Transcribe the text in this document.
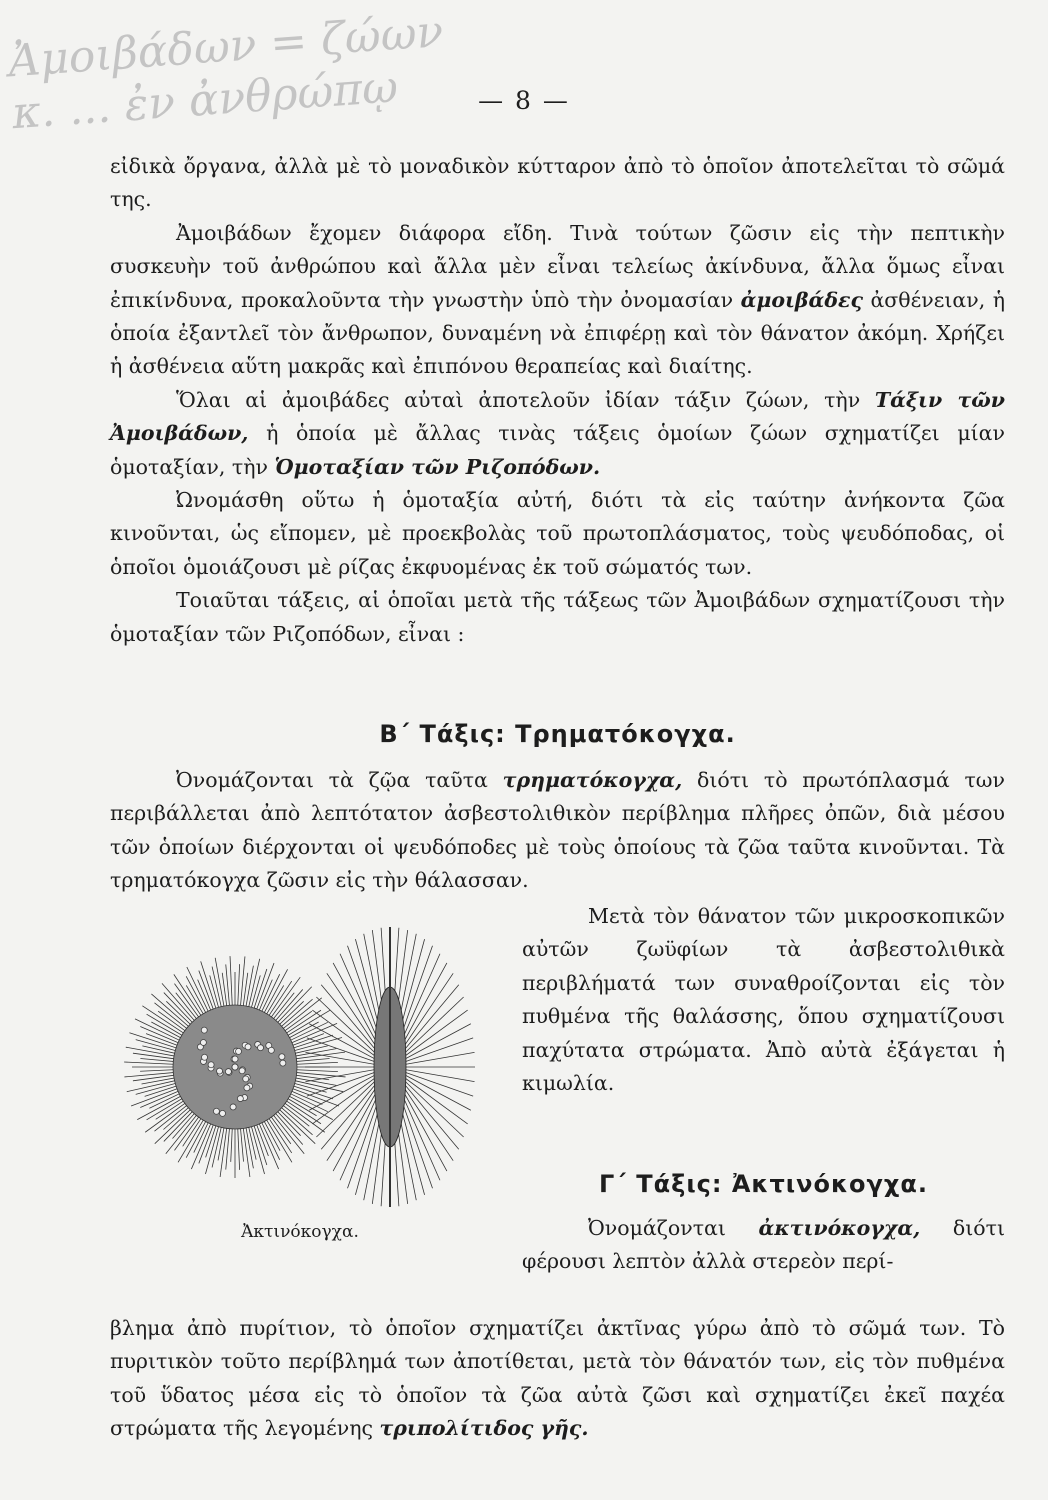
Ἀμοιβάδων = ζώων κ. ... ἐν ἀνθρώπῳ	— 8 —

εἰδικὰ ὄργανα, ἀλλὰ μὲ τὸ μοναδικὸν κύτταρον ἀπὸ τὸ ὁποῖον ἀποτελεῖται τὸ σῶμά της.

Ἀμοιβάδων ἔχομεν διάφορα εἴδη. Τινὰ τούτων ζῶσιν εἰς τὴν πεπτικὴν συσκευὴν τοῦ ἀνθρώπου καὶ ἄλλα μὲν εἶναι τελείως ἀκίνδυνα, ἄλλα ὅμως εἶναι ἐπικίνδυνα, προκαλοῦντα τὴν γνωστὴν ὑπὸ τὴν ὀνομασίαν ἀμοιβάδες ἀσθένειαν, ἡ ὁποία ἐξαντλεῖ τὸν ἄνθρωπον, δυναμένη νὰ ἐπιφέρῃ καὶ τὸν θάνατον ἀκόμη. Χρήζει ἡ ἀσθένεια αὕτη μακρᾶς καὶ ἐπιπόνου θεραπείας καὶ διαίτης.

Ὅλαι αἱ ἀμοιβάδες αὐταὶ ἀποτελοῦν ἰδίαν τάξιν ζώων, τὴν Τάξιν τῶν Ἀμοιβάδων, ἡ ὁποία μὲ ἄλλας τινὰς τάξεις ὁμοίων ζώων σχηματίζει μίαν ὁμοταξίαν, τὴν Ὁμοταξίαν τῶν Ριζοπόδων.

Ὠνομάσθη οὕτω ἡ ὁμοταξία αὐτή, διότι τὰ εἰς ταύτην ἀνήκοντα ζῶα κινοῦνται, ὡς εἴπομεν, μὲ προεκβολὰς τοῦ πρωτοπλάσματος, τοὺς ψευδόποδας, οἱ ὁποῖοι ὁμοιάζουσι μὲ ρίζας ἐκφυομένας ἐκ τοῦ σώματός των.

Τοιαῦται τάξεις, αἱ ὁποῖαι μετὰ τῆς τάξεως τῶν Ἀμοιβάδων σχηματίζουσι τὴν ὁμοταξίαν τῶν Ριζοπόδων, εἶναι :

Β΄ Τάξις: Τρηματόκογχα.

Ὀνομάζονται τὰ ζῷα ταῦτα τρηματόκογχα, διότι τὸ πρωτόπλασμά των περιβάλλεται ἀπὸ λεπτότατον ἀσβεστολιθικὸν περίβλημα πλῆρες ὀπῶν, διὰ μέσου τῶν ὁποίων διέρχονται οἱ ψευδόποδες μὲ τοὺς ὁποίους τὰ ζῶα ταῦτα κινοῦνται. Τὰ τρηματόκογχα ζῶσιν εἰς τὴν θάλασσαν.

Μετὰ τὸν θάνατον τῶν μικροσκοπικῶν αὐτῶν ζωϋφίων τὰ ἀσβεστολιθικὰ περιβλήματά των συναθροίζονται εἰς τὸν πυθμένα τῆς θαλάσσης, ὅπου σχηματίζουσι παχύτατα στρώματα. Ἀπὸ αὐτὰ ἐξάγεται ἡ κιμωλία.

Ἀκτινόκογχα.
Γ΄ Τάξις: Ἀκτινόκογχα.

Ὀνομάζονται ἀκτινόκογχα, διότι φέρουσι λεπτὸν ἀλλὰ στερεὸν περί-

βλημα ἀπὸ πυρίτιον, τὸ ὁποῖον σχηματίζει ἀκτῖνας γύρω ἀπὸ τὸ σῶμά των. Τὸ πυριτικὸν τοῦτο περίβλημά των ἀποτίθεται, μετὰ τὸν θάνατόν των, εἰς τὸν πυθμένα τοῦ ὕδατος μέσα εἰς τὸ ὁποῖον τὰ ζῶα αὐτὰ ζῶσι καὶ σχηματίζει ἐκεῖ παχέα στρώματα τῆς λεγομένης τριπολίτιδος γῆς.
